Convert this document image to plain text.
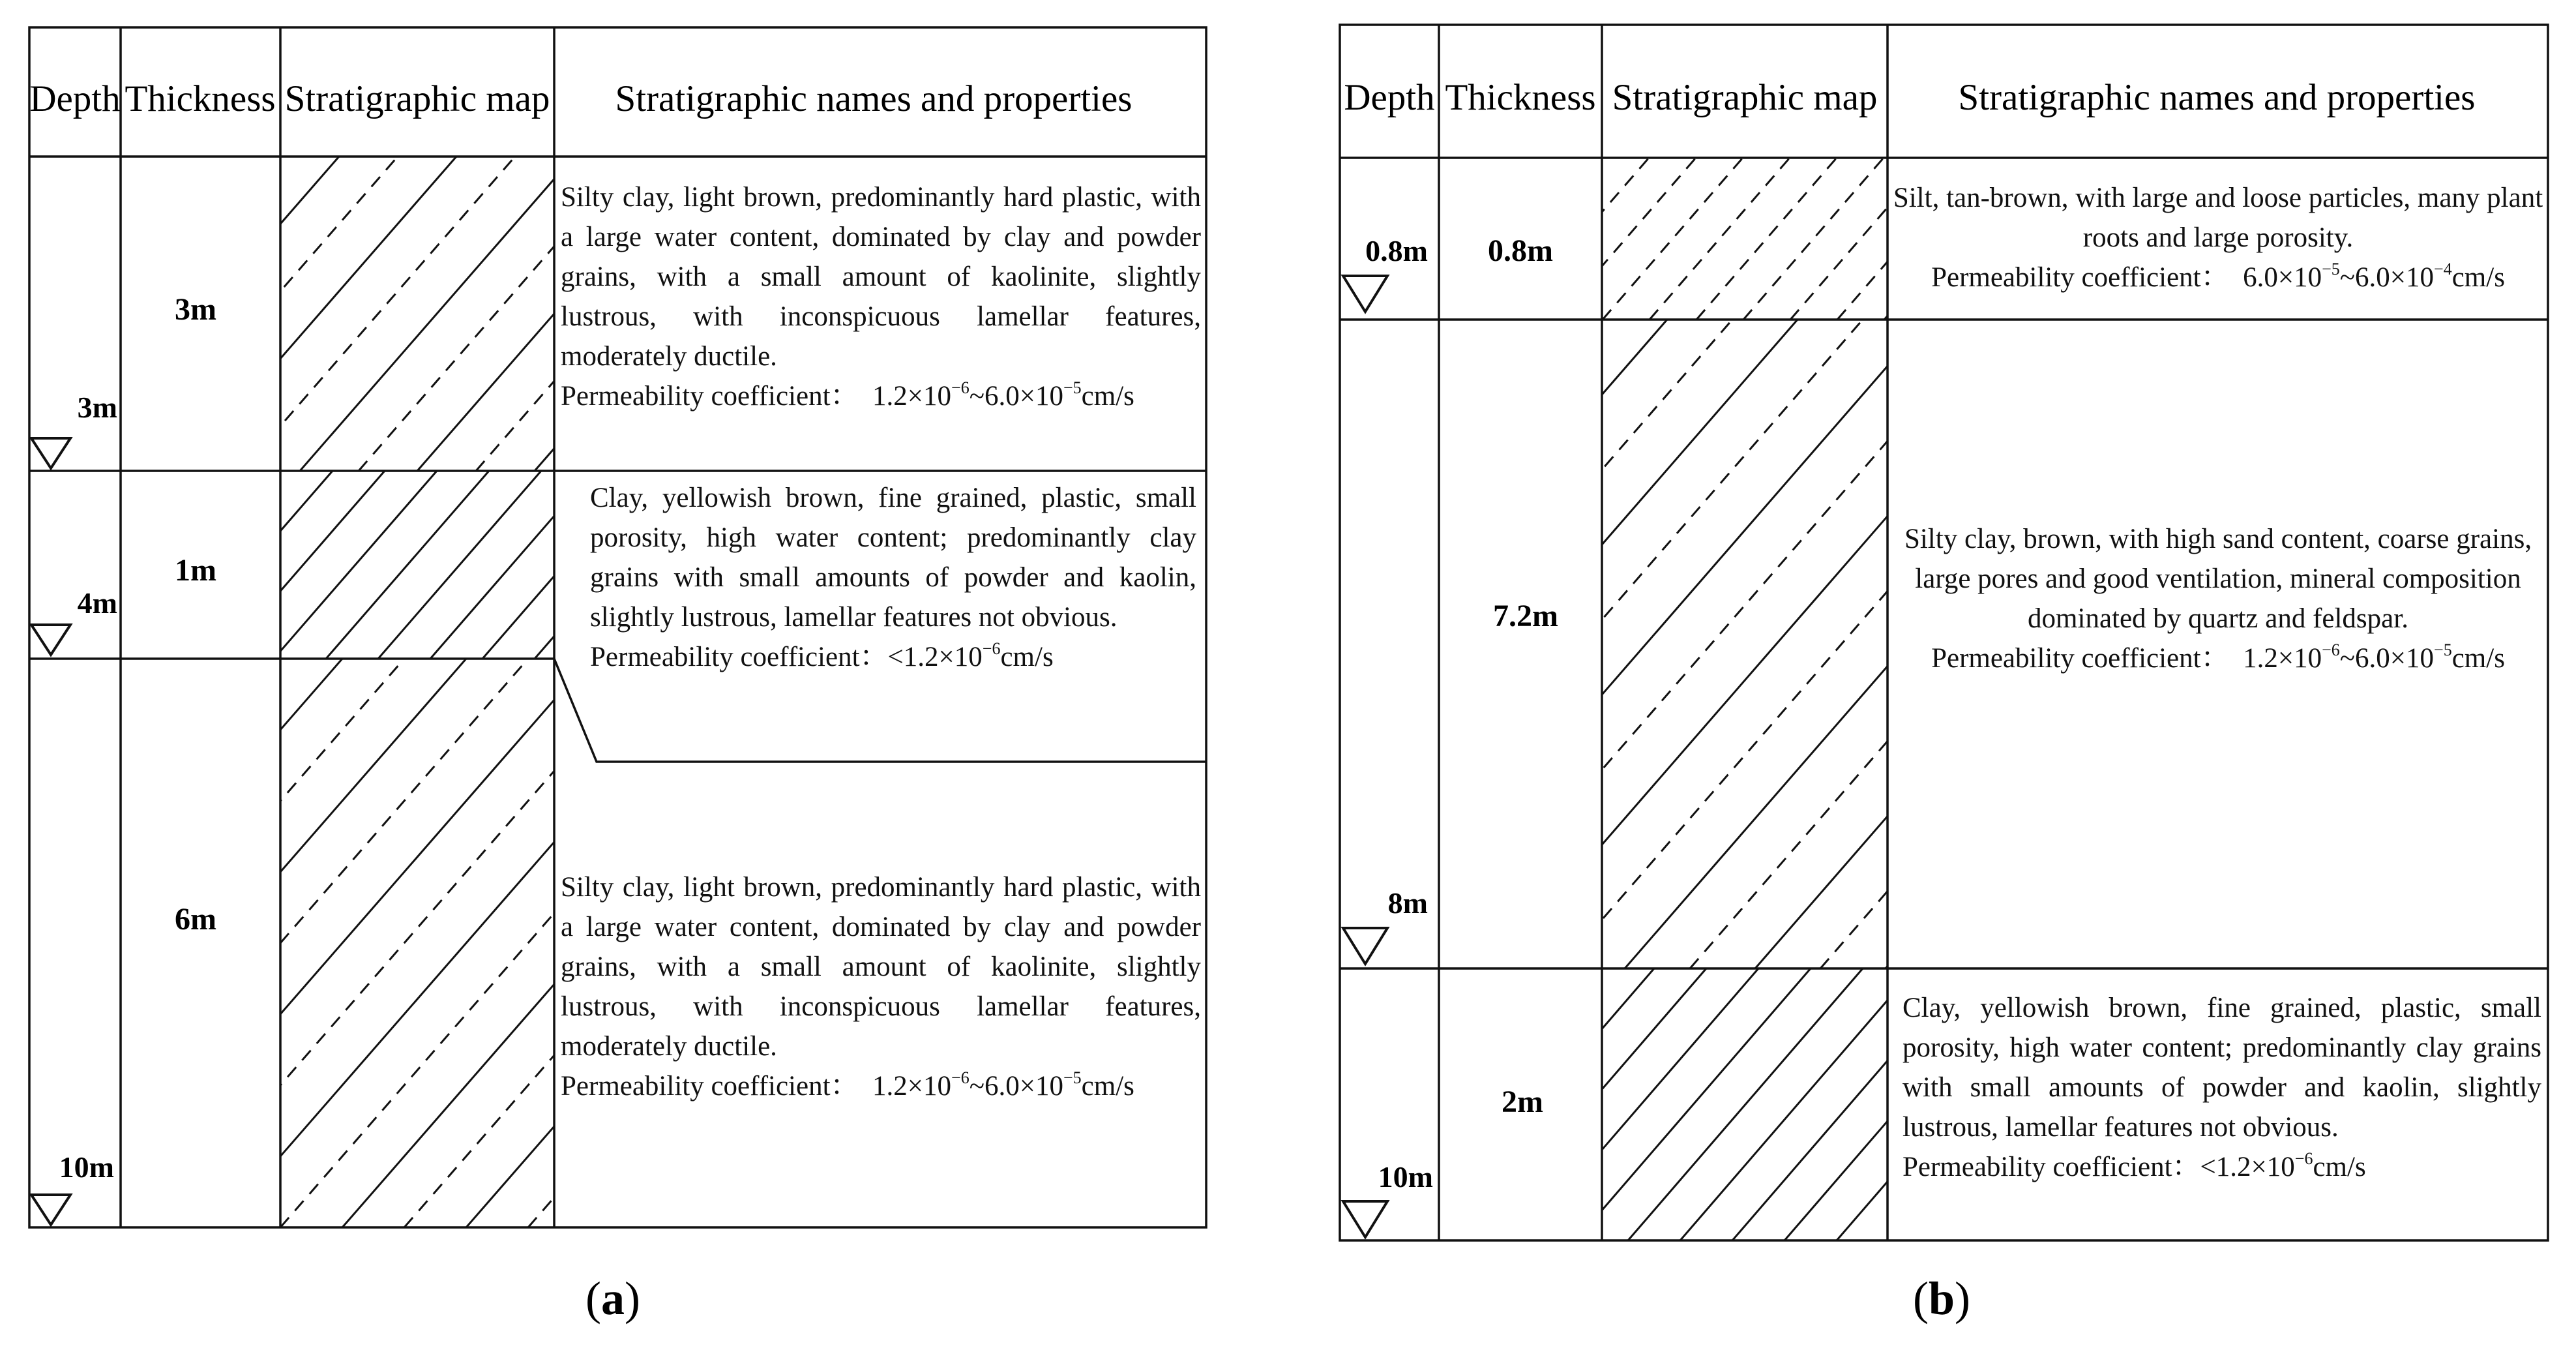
Depth Thickness Stratigraphic map Stratigraphic names and properties
3m
1m
6m
3m
4m
10m
(a)
Depth Thickness Stratigraphic map Stratigraphic names and properties
0.8m
7.2m
2m
0.8m
8m
10m
(b)

Silty clay, light brown, predominantly hard plastic, with a large water content, dominated by clay and powder grains, with a small amount of kaolinite, slightly lustrous, with inconspicuous lamellar features, moderately ductile.

Permeability coefficient： $1.2\times 10^{-6}\sim 6.0\times 10^{-5}cm/s$

Clay, yellowish brown, fine grained, plastic, small porosity, high water content; predominantly clay grains with small amounts of powder and kaolin, slightly lustrous, lamellar features not obvious.

Permeability coefficient：$<1.2\times 10^{-6}cm/s$

Silty clay, light brown, predominantly hard plastic, with a large water content, dominated by clay and powder grains, with a small amount of kaolinite, slightly lustrous, with inconspicuous lamellar features, moderately ductile.

Permeability coefficient： $1.2\times 10^{-6}\sim 6.0\times 10^{-5}cm/s$

Silt, tan-brown, with large and loose particles, many plant roots and large porosity.

Permeability coefficient： $6.0\times 10^{-5}\sim 6.0\times 10^{-4}cm/s$

Silty clay, brown, with high sand content, coarse grains, large pores and good ventilation, mineral composition dominated by quartz and feldspar.

Permeability coefficient： $1.2\times 10^{-6}\sim 6.0\times 10^{-5}cm/s$

Clay, yellowish brown, fine grained, plastic, small porosity, high water content; predominantly clay grains with small amounts of powder and kaolin, slightly lustrous, lamellar features not obvious.

Permeability coefficient：$<1.2\times 10^{-6}cm/s$
